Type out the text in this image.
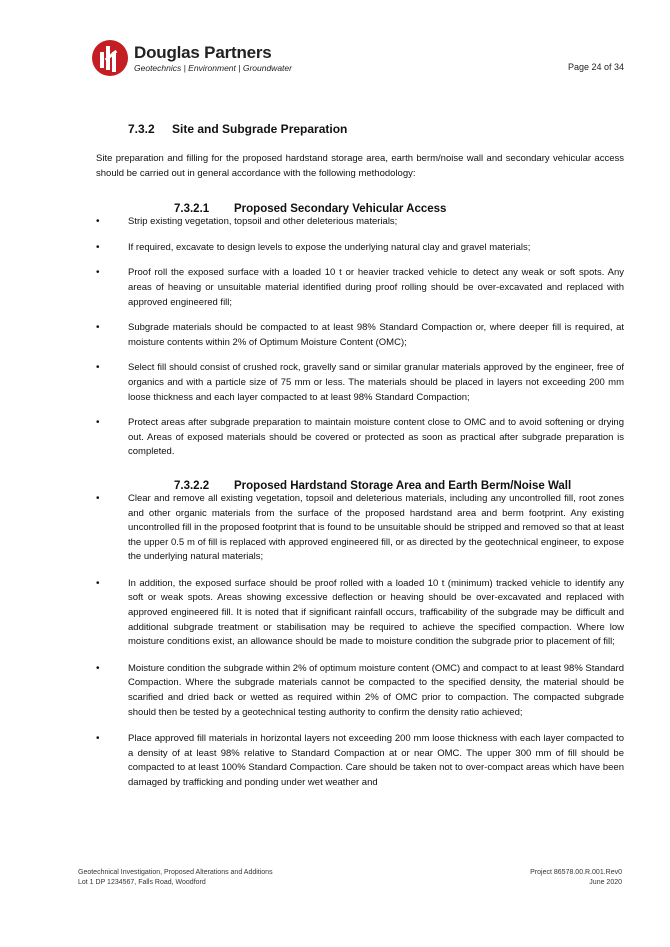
Douglas Partners
Geotechnics | Environment | Groundwater	Page 24 of 34
7.3.2 Site and Subgrade Preparation

Site preparation and filling for the proposed hardstand storage area, earth berm/noise wall and secondary vehicular access should be carried out in general accordance with the following methodology:

7.3.2.1 Proposed Secondary Vehicular Access

• Strip existing vegetation, topsoil and other deleterious materials;

• If required, excavate to design levels to expose the underlying natural clay and gravel materials;

• Proof roll the exposed surface with a loaded 10 t or heavier tracked vehicle to detect any weak or soft spots. Any areas of heaving or unsuitable material identified during proof rolling should be over-excavated and replaced with approved engineered fill;

• Subgrade materials should be compacted to at least 98% Standard Compaction or, where deeper fill is required, at moisture contents within 2% of Optimum Moisture Content (OMC);

• Select fill should consist of crushed rock, gravelly sand or similar granular materials approved by the engineer, free of organics and with a particle size of 75 mm or less. The materials should be placed in layers not exceeding 200 mm loose thickness and each layer compacted to at least 98% Standard Compaction;

• Protect areas after subgrade preparation to maintain moisture content close to OMC and to avoid softening or drying out. Areas of exposed materials should be covered or protected as soon as practical after subgrade preparation is completed.

7.3.2.2 Proposed Hardstand Storage Area and Earth Berm/Noise Wall

• Clear and remove all existing vegetation, topsoil and deleterious materials, including any uncontrolled fill, root zones and other organic materials from the surface of the proposed hardstand area and berm footprint. Any existing uncontrolled fill in the proposed footprint that is found to be unsuitable should be stripped and removed so that at least the upper 0.5 m of fill is replaced with approved engineered fill, or as directed by the geotechnical engineer, to expose the underlying natural materials;

• In addition, the exposed surface should be proof rolled with a loaded 10 t (minimum) tracked vehicle to identify any soft or weak spots. Areas showing excessive deflection or heaving should be over-excavated and replaced with approved engineered fill. It is noted that if significant rainfall occurs, trafficability of the subgrade may be difficult and additional subgrade treatment or stabilisation may be required to achieve the specified compaction. Where low moisture conditions exist, an allowance should be made to moisture condition the subgrade prior to placement of fill;

• Moisture condition the subgrade within 2% of optimum moisture content (OMC) and compact to at least 98% Standard Compaction. Where the subgrade materials cannot be compacted to the specified density, the material should be scarified and dried back or wetted as required within 2% of OMC prior to compaction. The compacted subgrade should then be tested by a geotechnical testing authority to confirm the density ratio achieved;

• Place approved fill materials in horizontal layers not exceeding 200 mm loose thickness with each layer compacted to a density of at least 98% relative to Standard Compaction at or near OMC. The upper 300 mm of fill should be compacted to at least 100% Standard Compaction. Care should be taken not to over-compact areas which have been damaged by trafficking and ponding under wet weather and

Geotechnical Investigation, Proposed Alterations and Additions
Lot 1 DP 1234567, Falls Road, Woodford
Project 86578.00.R.001.Rev0
June 2020
